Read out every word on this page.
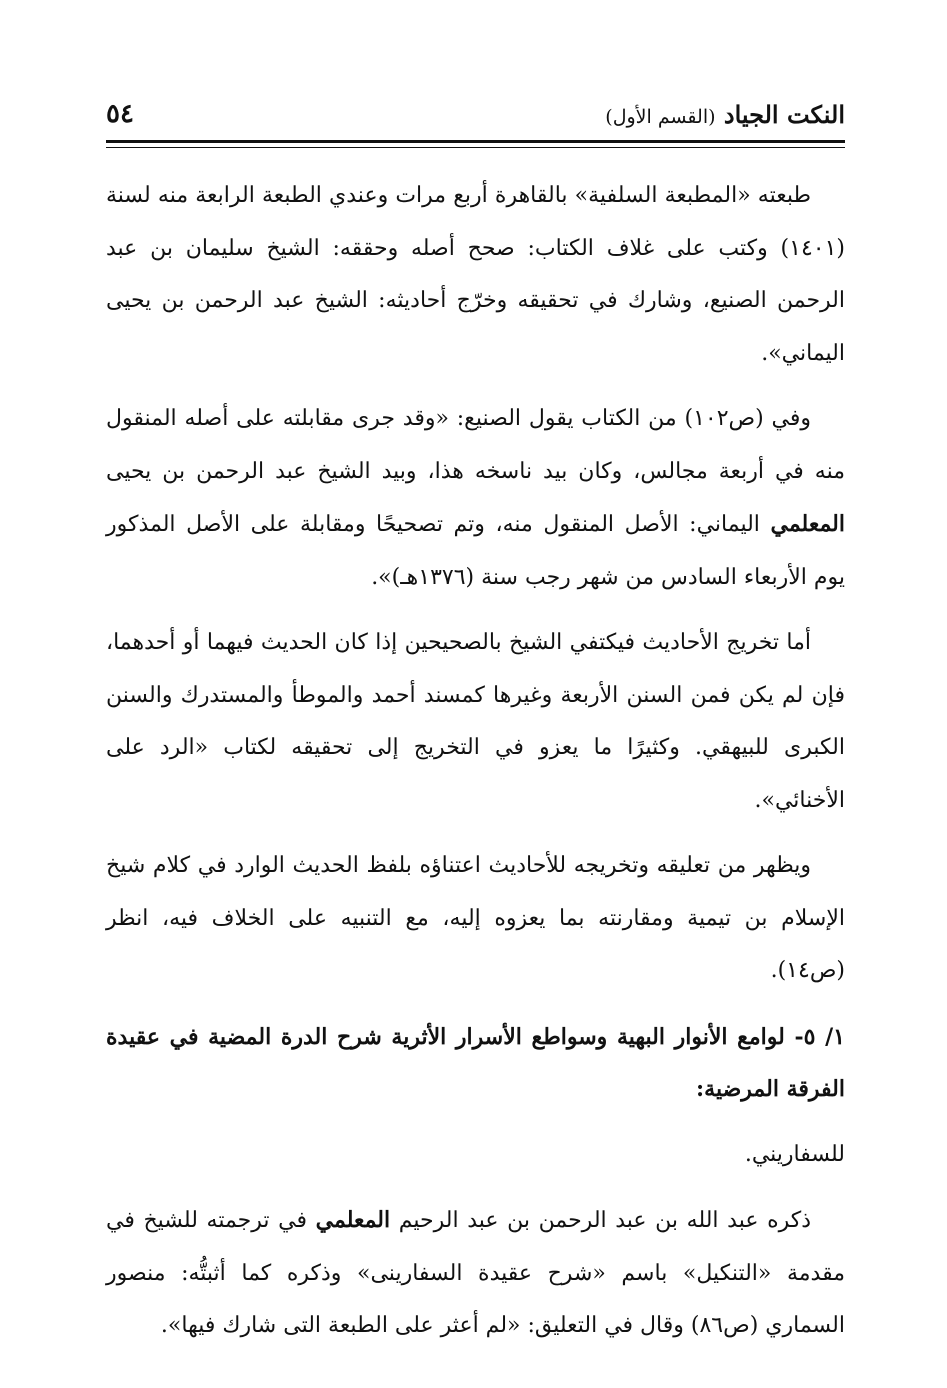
النكت الجياد (القسم الأول)
٥٤

طبعته «المطبعة السلفية» بالقاهرة أربع مرات وعندي الطبعة الرابعة منه لسنة (١٤٠١) وكتب على غلاف الكتاب: صحح أصله وحققه: الشيخ سليمان بن عبد الرحمن الصنيع، وشارك في تحقيقه وخرّج أحاديثه: الشيخ عبد الرحمن بن يحيى اليماني».

وفي (ص١٠٢) من الكتاب يقول الصنيع: «وقد جرى مقابلته على أصله المنقول منه في أربعة مجالس، وكان بيد ناسخه هذا، وبيد الشيخ عبد الرحمن بن يحيى المعلمي اليماني: الأصل المنقول منه، وتم تصحيحًا ومقابلة على الأصل المذكور يوم الأربعاء السادس من شهر رجب سنة (١٣٧٦هـ)».

أما تخريج الأحاديث فيكتفي الشيخ بالصحيحين إذا كان الحديث فيهما أو أحدهما، فإن لم يكن فمن السنن الأربعة وغيرها كمسند أحمد والموطأ والمستدرك والسنن الكبرى للبيهقي. وكثيرًا ما يعزو في التخريج إلى تحقيقه لكتاب «الرد على الأخنائي».

ويظهر من تعليقه وتخريجه للأحاديث اعتناؤه بلفظ الحديث الوارد في كلام شيخ الإسلام بن تيمية ومقارنته بما يعزوه إليه، مع التنبيه على الخلاف فيه، انظر (ص١٤).

١/ ٥- لوامع الأنوار البهية وسواطع الأسرار الأثرية شرح الدرة المضية في عقيدة الفرقة المرضية:

للسفاريني.

ذكره عبد الله بن عبد الرحمن بن عبد الرحيم المعلمي في ترجمته للشيخ في مقدمة «التنكيل» باسم «شرح عقيدة السفارينى» وذكره كما أثبتُّه: منصور السماري (ص٨٦) وقال في التعليق: «لم أعثر على الطبعة التى شارك فيها».
